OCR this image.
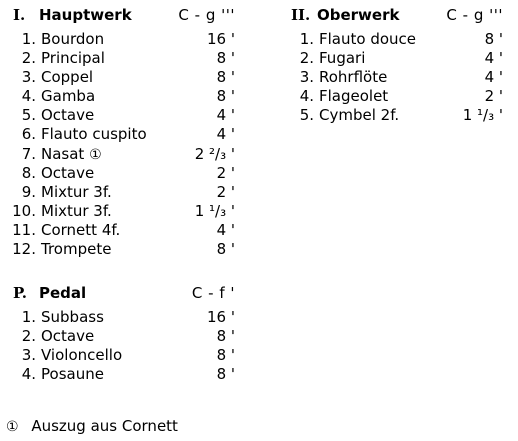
I. Hauptwerk	C - g '''
1. Bourdon	16 '
2. Principal	8 '
3. Coppel	8 '
4. Gamba	8 '
5. Octave	4 '
6. Flauto cuspito	4 '
7. Nasat ①	2 ²/₃ '
8. Octave	2 '
9. Mixtur 3f.	2 '
10. Mixtur 3f.	1 ¹/₃ '
11. Cornett 4f.	4 '
12. Trompete	8 '
II. Oberwerk	C - g '''
1. Flauto douce	8 '
2. Fugari	4 '
3. Rohrflöte	4 '
4. Flageolet	2 '
5. Cymbel 2f.	1 ¹/₃ '
P. Pedal	C - f '
1. Subbass	16 '
2. Octave	8 '
3. Violoncello	8 '
4. Posaune	8 '
① Auszug aus Cornett
